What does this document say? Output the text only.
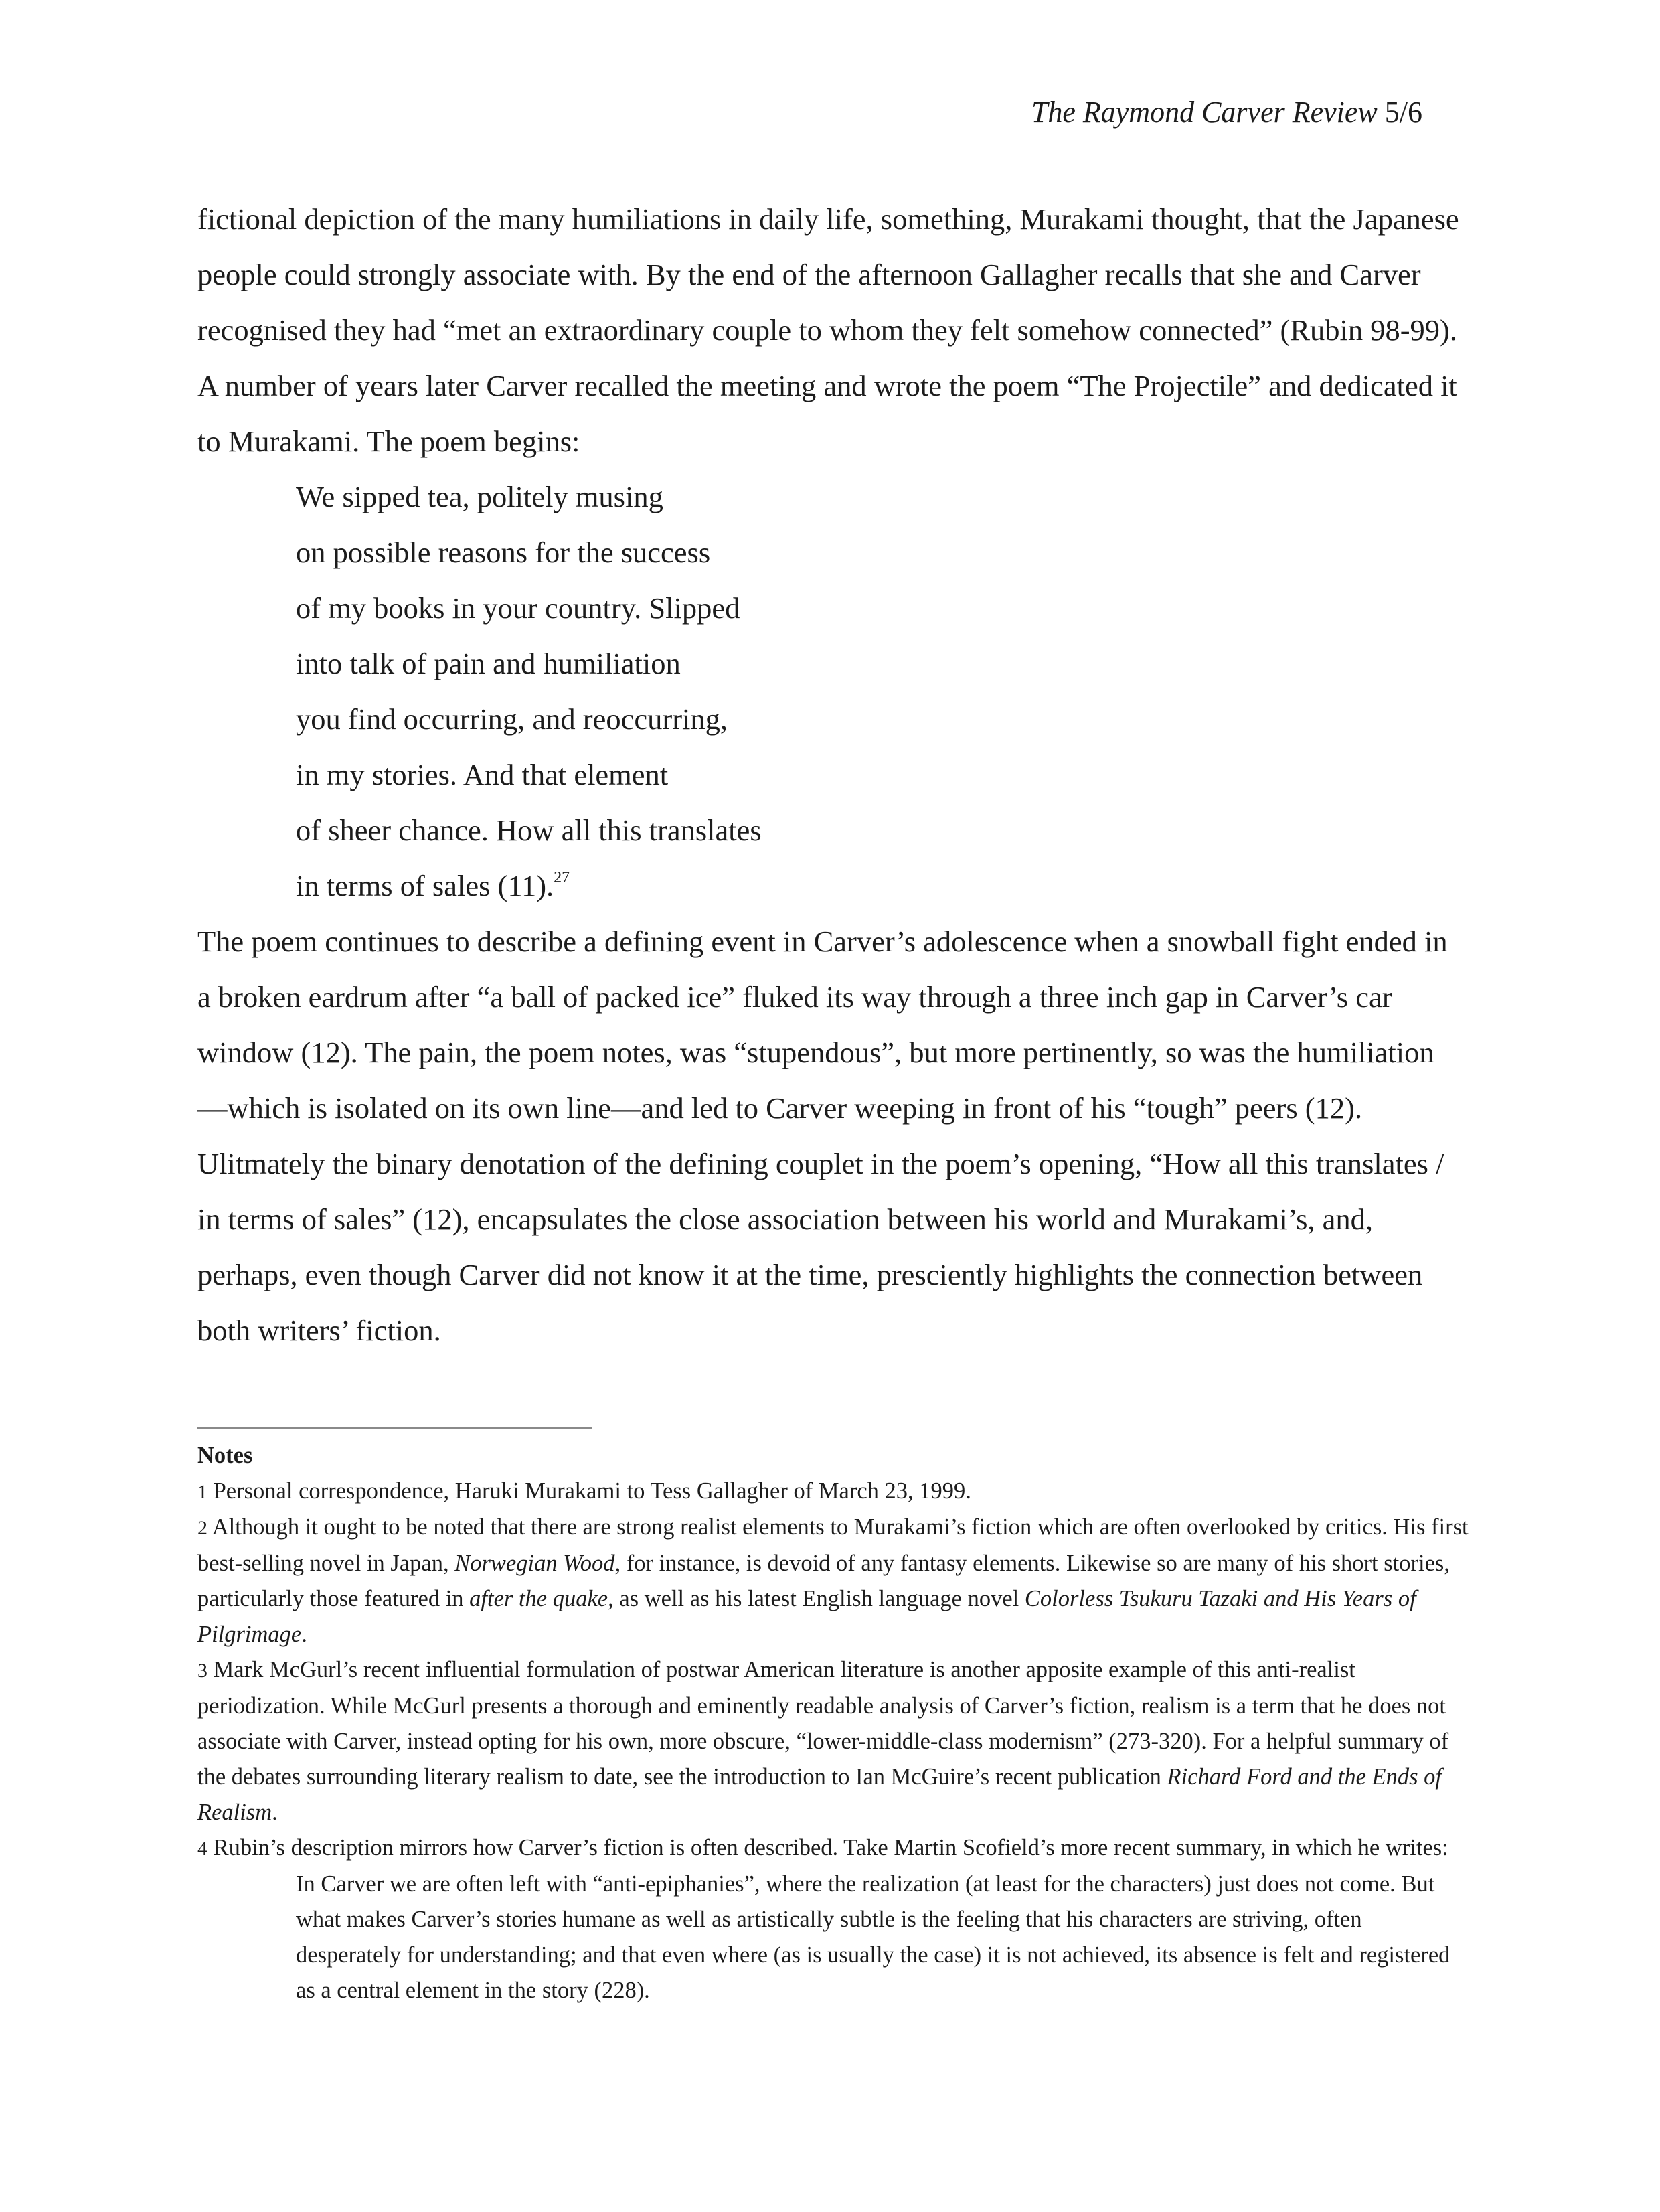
The Raymond Carver Review 5/6

fictional depiction of the many humiliations in daily life, something, Murakami thought, that the Japanese people could strongly associate with. By the end of the afternoon Gallagher recalls that she and Carver recognised they had “met an extraordinary couple to whom they felt somehow connected” (Rubin 98-99). A number of years later Carver recalled the meeting and wrote the poem “The Projectile” and dedicated it to Murakami. The poem begins:

We sipped tea, politely musing
on possible reasons for the success
of my books in your country. Slipped
into talk of pain and humiliation
you find occurring, and reoccurring,
in my stories. And that element
of sheer chance. How all this translates
in terms of sales (11).$^{27}$

The poem continues to describe a defining event in Carver’s adolescence when a snowball fight ended in a broken eardrum after “a ball of packed ice” fluked its way through a three inch gap in Carver’s car window (12). The pain, the poem notes, was “stupendous”, but more pertinently, so was the humiliation—which is isolated on its own line—and led to Carver weeping in front of his “tough” peers (12). Ulitmately the binary denotation of the defining couplet in the poem’s opening, “How all this translates / in terms of sales” (12), encapsulates the close association between his world and Murakami’s, and, perhaps, even though Carver did not know it at the time, presciently highlights the connection between both writers’ fiction.

Notes

1 Personal correspondence, Haruki Murakami to Tess Gallagher of March 23, 1999.

2 Although it ought to be noted that there are strong realist elements to Murakami’s fiction which are often overlooked by critics. His first best-selling novel in Japan, Norwegian Wood, for instance, is devoid of any fantasy elements. Likewise so are many of his short stories, particularly those featured in after the quake, as well as his latest English language novel Colorless Tsukuru Tazaki and His Years of Pilgrimage.

3 Mark McGurl’s recent influential formulation of postwar American literature is another apposite example of this anti-realist periodization. While McGurl presents a thorough and eminently readable analysis of Carver’s fiction, realism is a term that he does not associate with Carver, instead opting for his own, more obscure, “lower-middle-class modernism” (273-320). For a helpful summary of the debates surrounding literary realism to date, see the introduction to Ian McGuire’s recent publication Richard Ford and the Ends of Realism.

4 Rubin’s description mirrors how Carver’s fiction is often described. Take Martin Scofield’s more recent summary, in which he writes:

In Carver we are often left with “anti-epiphanies”, where the realization (at least for the characters) just does not come. But what makes Carver’s stories humane as well as artistically subtle is the feeling that his characters are striving, often desperately for understanding; and that even where (as is usually the case) it is not achieved, its absence is felt and registered as a central element in the story (228).
